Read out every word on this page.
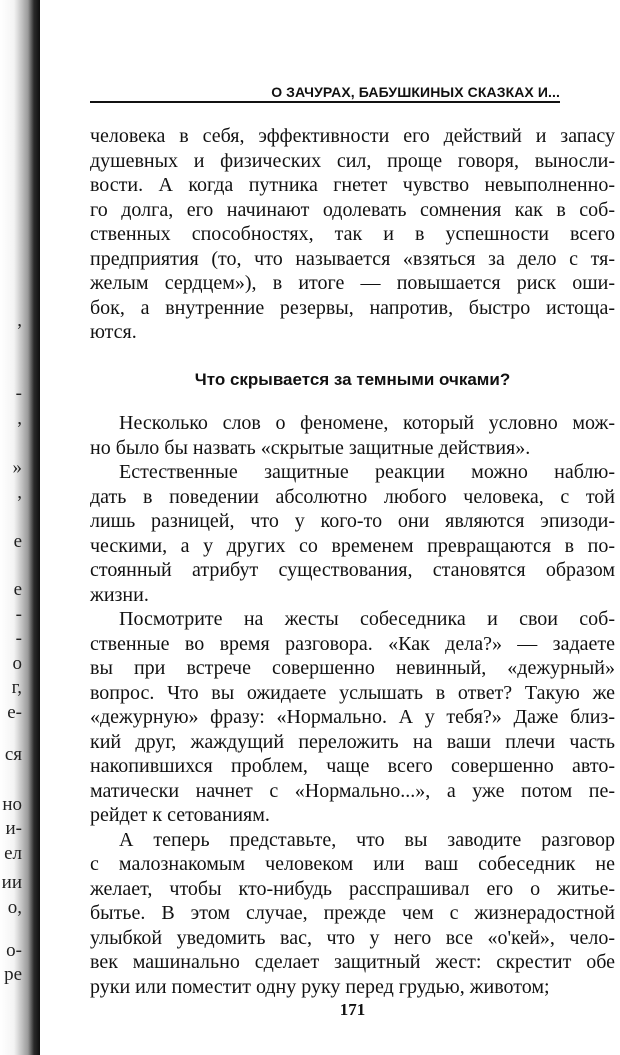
,
-
,
»
,
е
е
-
-
о
г,
е-
ся
но
и-
ел
ии
о,
о-
ре
О ЗАЧУРАХ, БАБУШКИНЫХ СКАЗКАХ И...
человека в себя, эффективности его действий и запасу
душевных и физических сил, проще говоря, выносли-
вости. А когда путника гнетет чувство невыполненно-
го долга, его начинают одолевать сомнения как в соб-
ственных способностях, так и в успешности всего
предприятия (то, что называется «взяться за дело с тя-
желым сердцем»), в итоге — повышается риск оши-
бок, а внутренние резервы, напротив, быстро истоща-
ются.
Что скрывается за темными очками?
Несколько слов о феномене, который условно мож-
но было бы назвать «скрытые защитные действия».
Естественные защитные реакции можно наблю-
дать в поведении абсолютно любого человека, с той
лишь разницей, что у кого-то они являются эпизоди-
ческими, а у других со временем превращаются в по-
стоянный атрибут существования, становятся образом
жизни.
Посмотрите на жесты собеседника и свои соб-
ственные во время разговора. «Как дела?» — задаете
вы при встрече совершенно невинный, «дежурный»
вопрос. Что вы ожидаете услышать в ответ? Такую же
«дежурную» фразу: «Нормально. А у тебя?» Даже близ-
кий друг, жаждущий переложить на ваши плечи часть
накопившихся проблем, чаще всего совершенно авто-
матически начнет с «Нормально...», а уже потом пе-
рейдет к сетованиям.
А теперь представьте, что вы заводите разговор
с малознакомым человеком или ваш собеседник не
желает, чтобы кто-нибудь расспрашивал его о житье-
бытье. В этом случае, прежде чем с жизнерадостной
улыбкой уведомить вас, что у него все «о'кей», чело-
век машинально сделает защитный жест: скрестит обе
руки или поместит одну руку перед грудью, животом;
171
